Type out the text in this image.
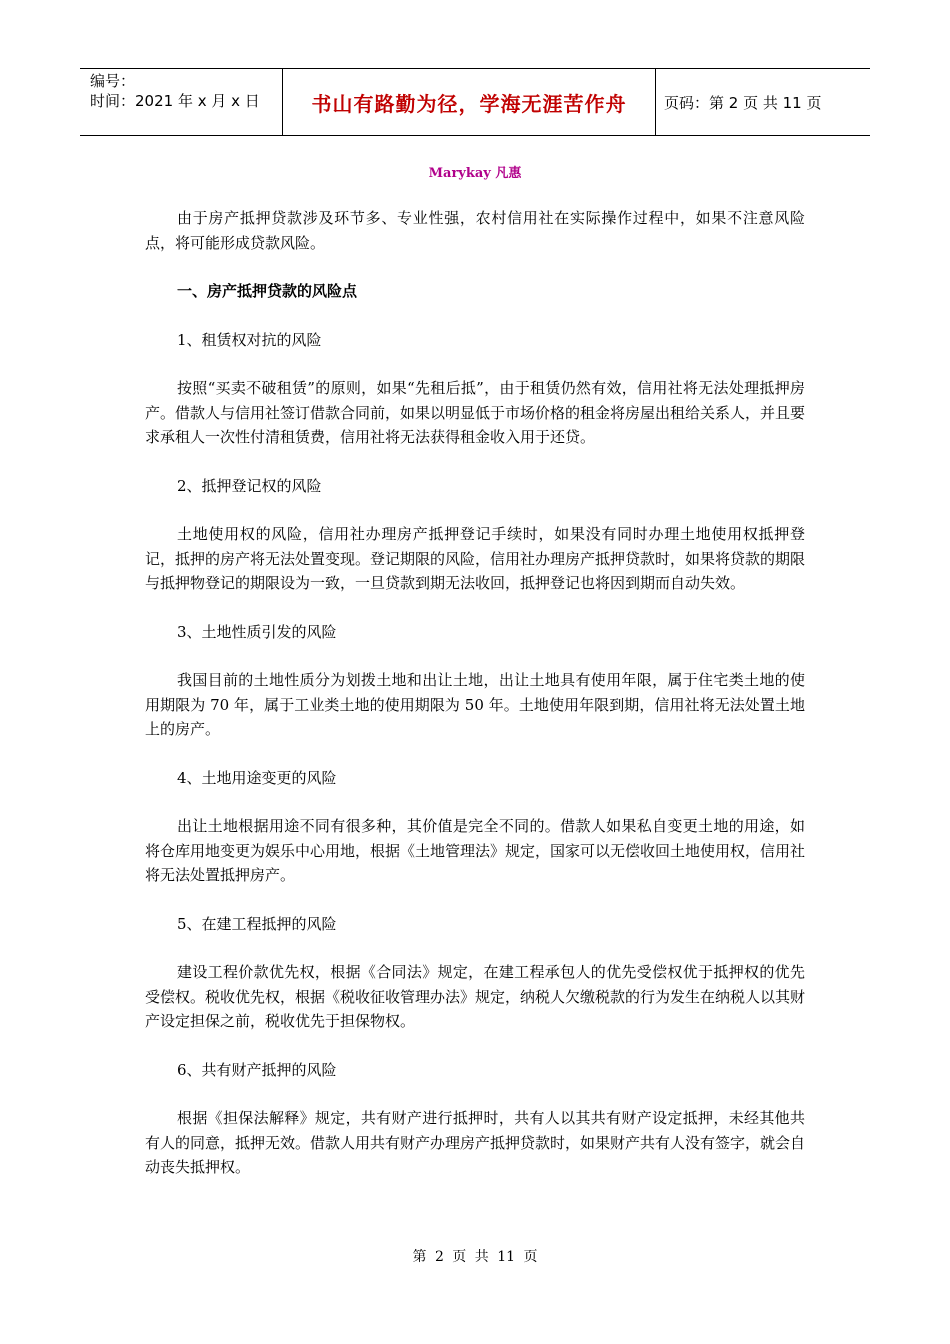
编号：
时间：2021 年 x 月 x 日	书山有路勤为径，学海无涯苦作舟	页码：第 2 页 共 11 页
Marykay 凡惠

由于房产抵押贷款涉及环节多、专业性强，农村信用社在实际操作过程中，如果不注意风险点，将可能形成贷款风险。

一、房产抵押贷款的风险点

1、租赁权对抗的风险

按照“买卖不破租赁”的原则，如果“先租后抵”，由于租赁仍然有效，信用社将无法处理抵押房产。借款人与信用社签订借款合同前，如果以明显低于市场价格的租金将房屋出租给关系人，并且要求承租人一次性付清租赁费，信用社将无法获得租金收入用于还贷。

2、抵押登记权的风险

土地使用权的风险，信用社办理房产抵押登记手续时，如果没有同时办理土地使用权抵押登记，抵押的房产将无法处置变现。登记期限的风险，信用社办理房产抵押贷款时，如果将贷款的期限与抵押物登记的期限设为一致，一旦贷款到期无法收回，抵押登记也将因到期而自动失效。

3、土地性质引发的风险

我国目前的土地性质分为划拨土地和出让土地，出让土地具有使用年限，属于住宅类土地的使用期限为 70 年，属于工业类土地的使用期限为 50 年。土地使用年限到期，信用社将无法处置土地上的房产。

4、土地用途变更的风险

出让土地根据用途不同有很多种，其价值是完全不同的。借款人如果私自变更土地的用途，如将仓库用地变更为娱乐中心用地，根据《土地管理法》规定，国家可以无偿收回土地使用权，信用社将无法处置抵押房产。

5、在建工程抵押的风险

建设工程价款优先权，根据《合同法》规定，在建工程承包人的优先受偿权优于抵押权的优先受偿权。税收优先权，根据《税收征收管理办法》规定，纳税人欠缴税款的行为发生在纳税人以其财产设定担保之前，税收优先于担保物权。

6、共有财产抵押的风险

根据《担保法解释》规定，共有财产进行抵押时，共有人以其共有财产设定抵押，未经其他共有人的同意，抵押无效。借款人用共有财产办理房产抵押贷款时，如果财产共有人没有签字，就会自动丧失抵押权。

第 2 页 共 11 页
